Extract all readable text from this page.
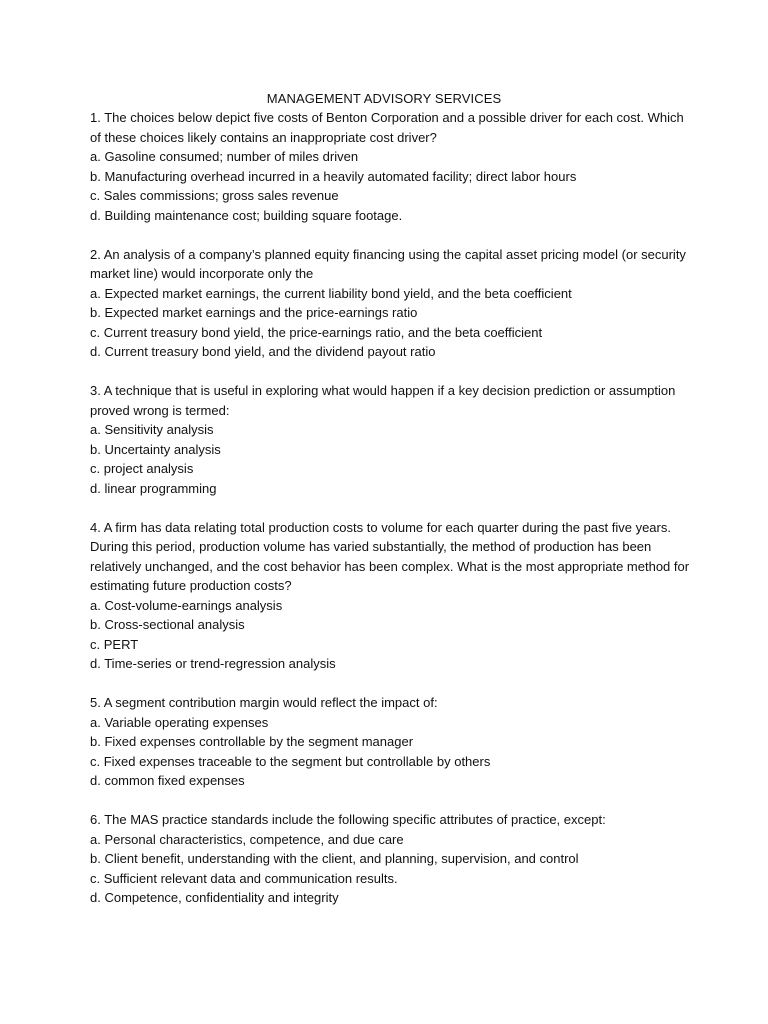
MANAGEMENT ADVISORY SERVICES
1. The choices below depict five costs of Benton Corporation and a possible driver for each cost. Which of these choices likely contains an inappropriate cost driver?
a. Gasoline consumed; number of miles driven
b. Manufacturing overhead incurred in a heavily automated facility; direct labor hours
c. Sales commissions; gross sales revenue
d. Building maintenance cost; building square footage.
2. An analysis of a company’s planned equity financing using the capital asset pricing model (or security market line) would incorporate only the
a. Expected market earnings, the current liability bond yield, and the beta coefficient
b. Expected market earnings and the price-earnings ratio
c. Current treasury bond yield, the price-earnings ratio, and the beta coefficient
d. Current treasury bond yield, and the dividend payout ratio
3. A technique that is useful in exploring what would happen if a key decision prediction or assumption proved wrong is termed:
a. Sensitivity analysis
b. Uncertainty analysis
c. project analysis
d. linear programming
4. A firm has data relating total production costs to volume for each quarter during the past five years. During this period, production volume has varied substantially, the method of production has been relatively unchanged, and the cost behavior has been complex. What is the most appropriate method for estimating future production costs?
a. Cost-volume-earnings analysis
b. Cross-sectional analysis
c. PERT
d. Time-series or trend-regression analysis
5. A segment contribution margin would reflect the impact of:
a. Variable operating expenses
b. Fixed expenses controllable by the segment manager
c. Fixed expenses traceable to the segment but controllable by others
d. common fixed expenses
6. The MAS practice standards include the following specific attributes of practice, except:
a. Personal characteristics, competence, and due care
b. Client benefit, understanding with the client, and planning, supervision, and control
c. Sufficient relevant data and communication results.
d. Competence, confidentiality and integrity
